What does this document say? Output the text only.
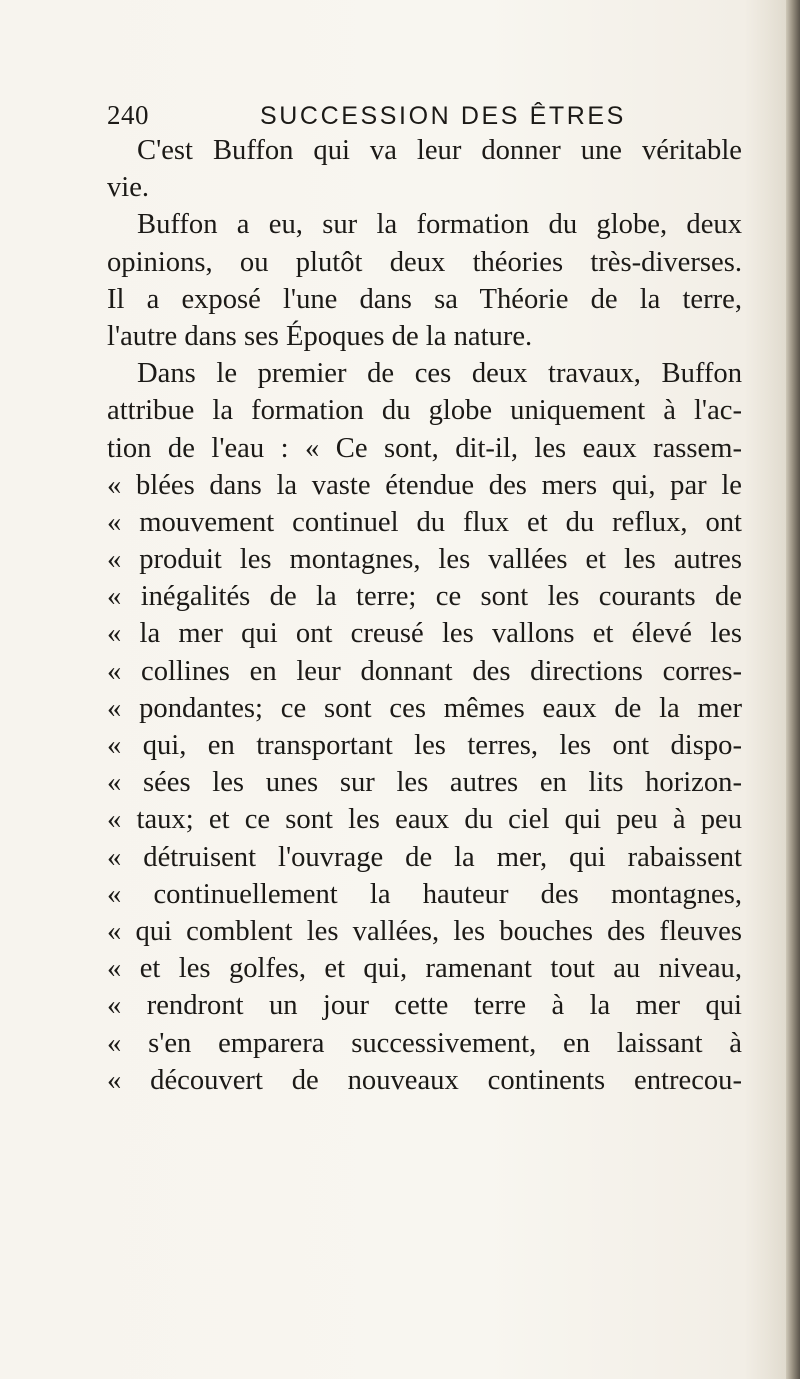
240	SUCCESSION DES ÊTRES
C'est Buffon qui va leur donner une véritable
vie.
Buffon a eu, sur la formation du globe, deux
opinions, ou plutôt deux théories très-diverses.
Il a exposé l'une dans sa Théorie de la terre,
l'autre dans ses Époques de la nature.
Dans le premier de ces deux travaux, Buffon
attribue la formation du globe uniquement à l'ac-
tion de l'eau : « Ce sont, dit-il, les eaux rassem-
« blées dans la vaste étendue des mers qui, par le
« mouvement continuel du flux et du reflux, ont
« produit les montagnes, les vallées et les autres
« inégalités de la terre; ce sont les courants de
« la mer qui ont creusé les vallons et élevé les
« collines en leur donnant des directions corres-
« pondantes; ce sont ces mêmes eaux de la mer
« qui, en transportant les terres, les ont dispo-
« sées les unes sur les autres en lits horizon-
« taux; et ce sont les eaux du ciel qui peu à peu
« détruisent l'ouvrage de la mer, qui rabaissent
« continuellement la hauteur des montagnes,
« qui comblent les vallées, les bouches des fleuves
« et les golfes, et qui, ramenant tout au niveau,
« rendront un jour cette terre à la mer qui
« s'en emparera successivement, en laissant à
« découvert de nouveaux continents entrecou-
